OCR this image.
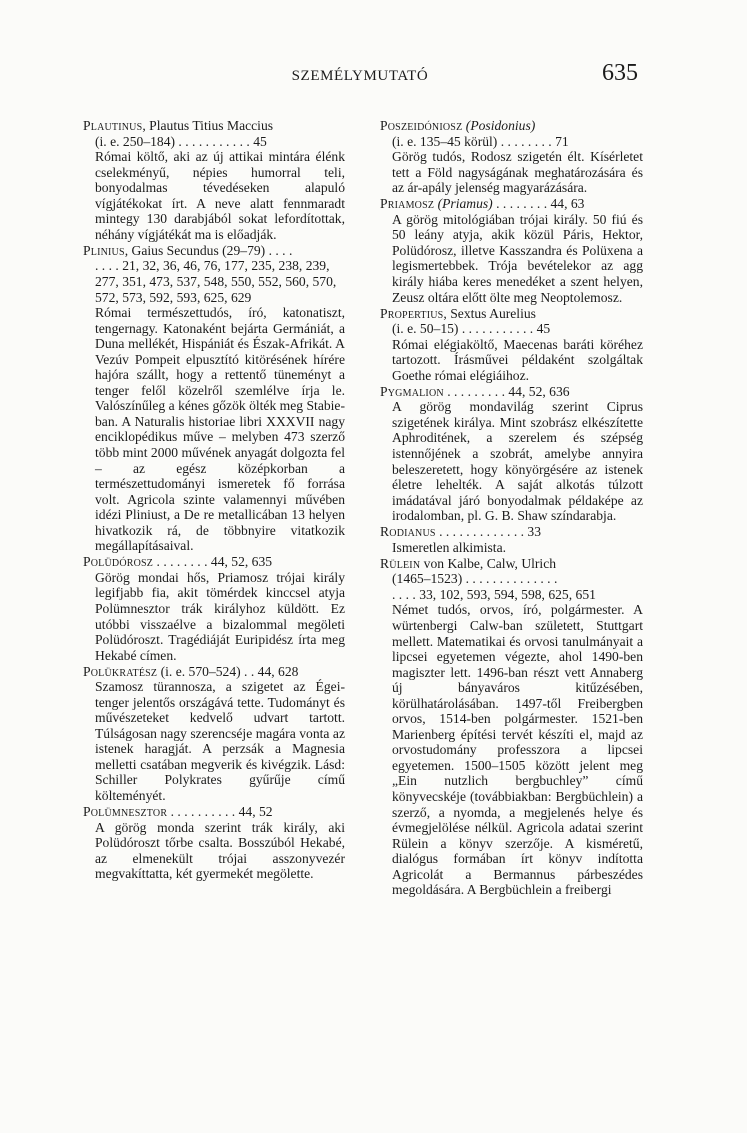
SZEMÉLYMUTATÓ	635
Plautinus, Plautus Titius Maccius
(i. e. 250–184) . . . . . . . . . . . 45
Római költő, aki az új attikai mintára élénk cselekményű, népies humorral teli, bonyodalmas tévedéseken alapuló vígjátékokat írt. A neve alatt fennmaradt mintegy 130 darabjából sokat lefordítottak, néhány vígjátékát ma is előadják.
Plinius, Gaius Secundus (29–79) . . . .
. . . . 21, 32, 36, 46, 76, 177, 235, 238, 239, 277, 351, 473, 537, 548, 550, 552, 560, 570, 572, 573, 592, 593, 625, 629
Római természettudós, író, katonatiszt, tengernagy. Katonaként bejárta Germániát, a Duna mellékét, Hispániát és Észak-Afrikát. A Vezúv Pompeit elpusztító kitörésének hírére hajóra szállt, hogy a rettentő tüneményt a tenger felől közelről szemlélve írja le. Valószínűleg a kénes gőzök ölték meg Stabie-ban. A Naturalis historiae libri XXXVII nagy enciklopédikus műve – melyben 473 szerző több mint 2000 művének anyagát dolgozta fel – az egész középkorban a természettudományi ismeretek fő forrása volt. Agricola szinte valamennyi művében idézi Pliniust, a De re metallicában 13 helyen hivatkozik rá, de többnyire vitatkozik megállapításaival.
Polüdórosz . . . . . . . . 44, 52, 635
Görög mondai hős, Priamosz trójai király legifjabb fia, akit tömérdek kinccsel atyja Polümnesztor trák királyhoz küldött. Ez utóbbi visszaélve a bizalommal megöleti Polüdóroszt. Tragédiáját Euripidész írta meg Hekabé címen.
Polükratész (i. e. 570–524) . . 44, 628
Szamosz türannosza, a szigetet az Égei-tenger jelentős országává tette. Tudományt és művészeteket kedvelő udvart tartott. Túlságosan nagy szerencséje magára vonta az istenek haragját. A perzsák a Magnesia melletti csatában megverik és kivégzik. Lásd: Schiller Polykrates gyűrűje című költeményét.
Polümnesztor . . . . . . . . . . 44, 52
A görög monda szerint trák király, aki Polüdóroszt tőrbe csalta. Bosszúból Hekabé, az elmenekült trójai asszonyvezér megvakíttatta, két gyermekét megölette.
Poszeidóniosz (Posidonius)
(i. e. 135–45 körül) . . . . . . . . 71
Görög tudós, Rodosz szigetén élt. Kísérletet tett a Föld nagyságának meghatározására és az ár-apály jelenség magyarázására.
Priamosz (Priamus) . . . . . . . . 44, 63
A görög mitológiában trójai király. 50 fiú és 50 leány atyja, akik közül Páris, Hektor, Polüdórosz, illetve Kasszandra és Polüxena a legismertebbek. Trója bevételekor az agg király hiába keres menedéket a szent helyen, Zeusz oltára előtt ölte meg Neoptolemosz.
Propertius, Sextus Aurelius
(i. e. 50–15) . . . . . . . . . . . 45
Római elégiaköltő, Maecenas baráti köréhez tartozott. Írásművei példaként szolgáltak Goethe római elégiáihoz.
Pygmalion . . . . . . . . . 44, 52, 636
A görög mondavilág szerint Ciprus szigetének királya. Mint szobrász elkészítette Aphroditének, a szerelem és szépség istennőjének a szobrát, amelybe annyira beleszeretett, hogy könyörgésére az istenek életre lehelték. A saját alkotás túlzott imádatával járó bonyodalmak példaképe az irodalomban, pl. G. B. Shaw színdarabja.
Rodianus . . . . . . . . . . . . . 33
Ismeretlen alkimista.
Rülein von Kalbe, Calw, Ulrich
(1465–1523) . . . . . . . . . . . . . .
. . . . 33, 102, 593, 594, 598, 625, 651
Német tudós, orvos, író, polgármester. A würtenbergi Calw-ban született, Stuttgart mellett. Matematikai és orvosi tanulmányait a lipcsei egyetemen végezte, ahol 1490-ben magiszter lett. 1496-ban részt vett Annaberg új bányaváros kitűzésében, körülhatárolásában. 1497-től Freibergben orvos, 1514-ben polgármester. 1521-ben Marienberg építési tervét készíti el, majd az orvostudomány professzora a lipcsei egyetemen. 1500–1505 között jelent meg „Ein nutzlich bergbuchley” című könyvecskéje (továbbiakban: Bergbüchlein) a szerző, a nyomda, a megjelenés helye és évmegjelölése nélkül. Agricola adatai szerint Rülein a könyv szerzője. A kisméretű, dialógus formában írt könyv indította Agricolát a Bermannus párbeszédes megoldására. A Bergbüchlein a freibergi
